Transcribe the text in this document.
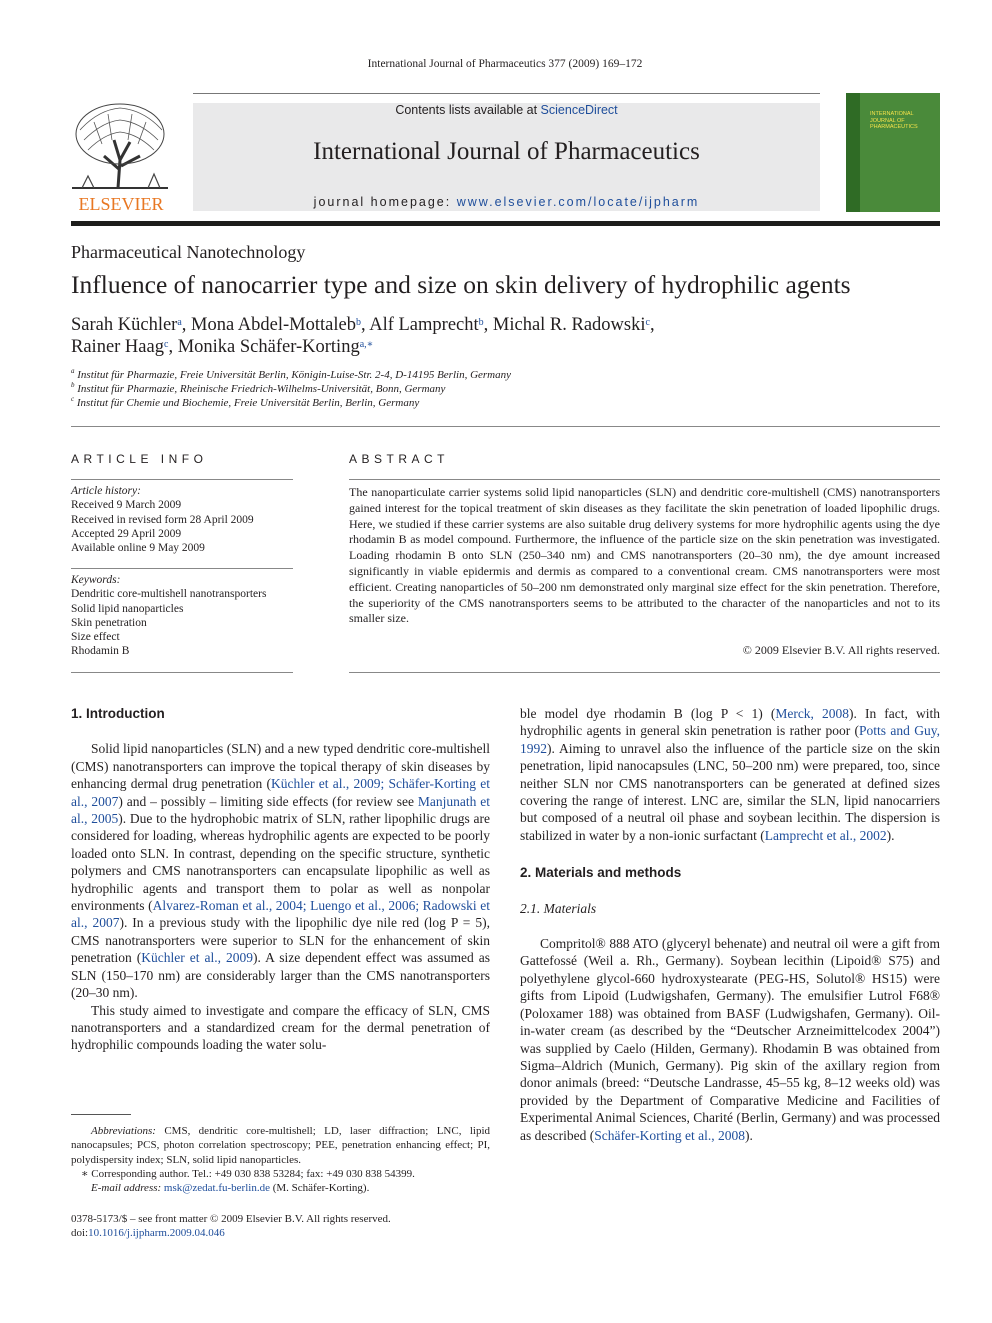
International Journal of Pharmaceutics 377 (2009) 169–172
ELSEVIER
Contents lists available at ScienceDirect
International Journal of Pharmaceutics
journal homepage: www.elsevier.com/locate/ijpharm
INTERNATIONAL JOURNAL OF PHARMACEUTICS
Pharmaceutical Nanotechnology
Influence of nanocarrier type and size on skin delivery of hydrophilic agents
Sarah Küchler$^a$, Mona Abdel-Mottaleb$^b$, Alf Lamprecht$^b$, Michal R. Radowski$^c$,
Rainer Haag$^c$, Monika Schäfer-Korting$^{a,∗}$
$^a$ Institut für Pharmazie, Freie Universität Berlin, Königin-Luise-Str. 2-4, D-14195 Berlin, Germany
$^b$ Institut für Pharmazie, Rheinische Friedrich-Wilhelms-Universität, Bonn, Germany
$^c$ Institut für Chemie und Biochemie, Freie Universität Berlin, Berlin, Germany
ARTICLE INFO
Article history:
Received 9 March 2009
Received in revised form 28 April 2009
Accepted 29 April 2009
Available online 9 May 2009
Keywords:
Dendritic core-multishell nanotransporters
Solid lipid nanoparticles
Skin penetration
Size effect
Rhodamin B
ABSTRACT
The nanoparticulate carrier systems solid lipid nanoparticles (SLN) and dendritic core-multishell (CMS) nanotransporters gained interest for the topical treatment of skin diseases as they facilitate the skin penetration of loaded lipophilic drugs. Here, we studied if these carrier systems are also suitable drug delivery systems for more hydrophilic agents using the dye rhodamin B as model compound. Furthermore, the influence of the particle size on the skin penetration was investigated. Loading rhodamin B onto SLN (250–340 nm) and CMS nanotransporters (20–30 nm), the dye amount increased significantly in viable epidermis and dermis as compared to a conventional cream. CMS nanotransporters were most efficient. Creating nanoparticles of 50–200 nm demonstrated only marginal size effect for the skin penetration. Therefore, the superiority of the CMS nanotransporters seems to be attributed to the character of the nanoparticles and not to its smaller size.
© 2009 Elsevier B.V. All rights reserved.
1. Introduction

Solid lipid nanoparticles (SLN) and a new typed dendritic core-multishell (CMS) nanotransporters can improve the topical therapy of skin diseases by enhancing dermal drug penetration (Küchler et al., 2009; Schäfer-Korting et al., 2007) and – possibly – limiting side effects (for review see Manjunath et al., 2005). Due to the hydrophobic matrix of SLN, rather lipophilic drugs are considered for loading, whereas hydrophilic agents are expected to be poorly loaded onto SLN. In contrast, depending on the specific structure, synthetic polymers and CMS nanotransporters can encapsulate lipophilic as well as hydrophilic agents and transport them to polar as well as nonpolar environments (Alvarez-Roman et al., 2004; Luengo et al., 2006; Radowski et al., 2007). In a previous study with the lipophilic dye nile red (log P = 5), CMS nanotransporters were superior to SLN for the enhancement of skin penetration (Küchler et al., 2009). A size dependent effect was assumed as SLN (150–170 nm) are considerably larger than the CMS nanotransporters (20–30 nm).

This study aimed to investigate and compare the efficacy of SLN, CMS nanotransporters and a standardized cream for the dermal penetration of hydrophilic compounds loading the water solu-

ble model dye rhodamin B (log P < 1) (Merck, 2008). In fact, with hydrophilic agents in general skin penetration is rather poor (Potts and Guy, 1992). Aiming to unravel also the influence of the particle size on the skin penetration, lipid nanocapsules (LNC, 50–200 nm) were prepared, too, since neither SLN nor CMS nanotransporters can be generated at defined sizes covering the range of interest. LNC are, similar the SLN, lipid nanocarriers but composed of a neutral oil phase and soybean lecithin. The dispersion is stabilized in water by a non-ionic surfactant (Lamprecht et al., 2002).

2. Materials and methods

2.1. Materials

Compritol® 888 ATO (glyceryl behenate) and neutral oil were a gift from Gattefossé (Weil a. Rh., Germany). Soybean lecithin (Lipoid® S75) and polyethylene glycol-660 hydroxystearate (PEG-HS, Solutol® HS15) were gifts from Lipoid (Ludwigshafen, Germany). The emulsifier Lutrol F68® (Poloxamer 188) was obtained from BASF (Ludwigshafen, Germany). Oil-in-water cream (as described by the “Deutscher Arzneimittelcodex 2004”) was supplied by Caelo (Hilden, Germany). Rhodamin B was obtained from Sigma–Aldrich (Munich, Germany). Pig skin of the axillary region from donor animals (breed: “Deutsche Landrasse, 45–55 kg, 8–12 weeks old) was provided by the Department of Comparative Medicine and Facilities of Experimental Animal Sciences, Charité (Berlin, Germany) and was processed as described (Schäfer-Korting et al., 2008).

Abbreviations: CMS, dendritic core-multishell; LD, laser diffraction; LNC, lipid nanocapsules; PCS, photon correlation spectroscopy; PEE, penetration enhancing effect; PI, polydispersity index; SLN, solid lipid nanoparticles.
∗ Corresponding author. Tel.: +49 030 838 53284; fax: +49 030 838 54399.
E-mail address: msk@zedat.fu-berlin.de (M. Schäfer-Korting).
0378-5173/$ – see front matter © 2009 Elsevier B.V. All rights reserved.
doi:10.1016/j.ijpharm.2009.04.046
